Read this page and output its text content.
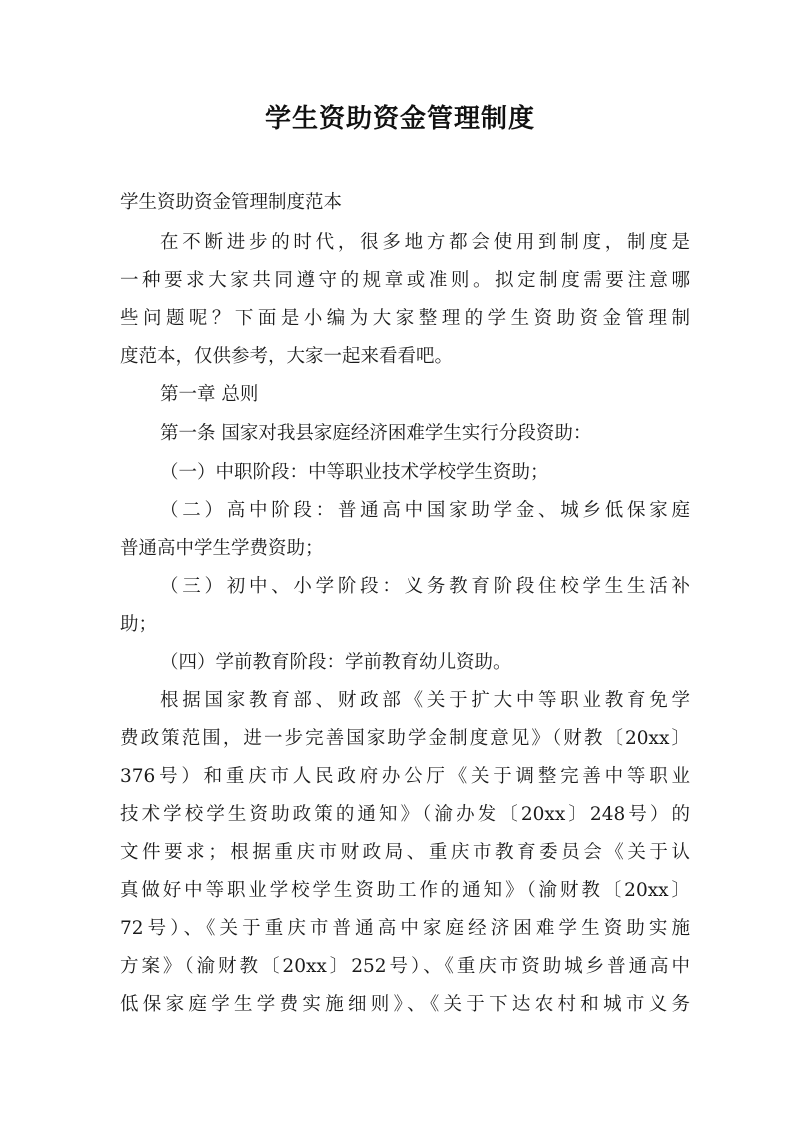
学生资助资金管理制度
学生资助资金管理制度范本
在不断进步的时代，很多地方都会使用到制度，制度是
一种要求大家共同遵守的规章或准则。拟定制度需要注意哪
些问题呢？下面是小编为大家整理的学生资助资金管理制
度范本，仅供参考，大家一起来看看吧。
第一章 总则
第一条 国家对我县家庭经济困难学生实行分段资助：
（一）中职阶段：中等职业技术学校学生资助；
（二）高中阶段：普通高中国家助学金、城乡低保家庭
普通高中学生学费资助；
（三）初中、小学阶段：义务教育阶段住校学生生活补
助；
（四）学前教育阶段：学前教育幼儿资助。
根据国家教育部、财政部《关于扩大中等职业教育免学
费政策范围，进一步完善国家助学金制度意见》（财教〔20xx〕
376号）和重庆市人民政府办公厅《关于调整完善中等职业
技术学校学生资助政策的通知》（渝办发〔20xx〕248号）的
文件要求；根据重庆市财政局、重庆市教育委员会《关于认
真做好中等职业学校学生资助工作的通知》（渝财教〔20xx〕
72号）、《关于重庆市普通高中家庭经济困难学生资助实施
方案》（渝财教〔20xx〕252号）、《重庆市资助城乡普通高中
低保家庭学生学费实施细则》、《关于下达农村和城市义务
